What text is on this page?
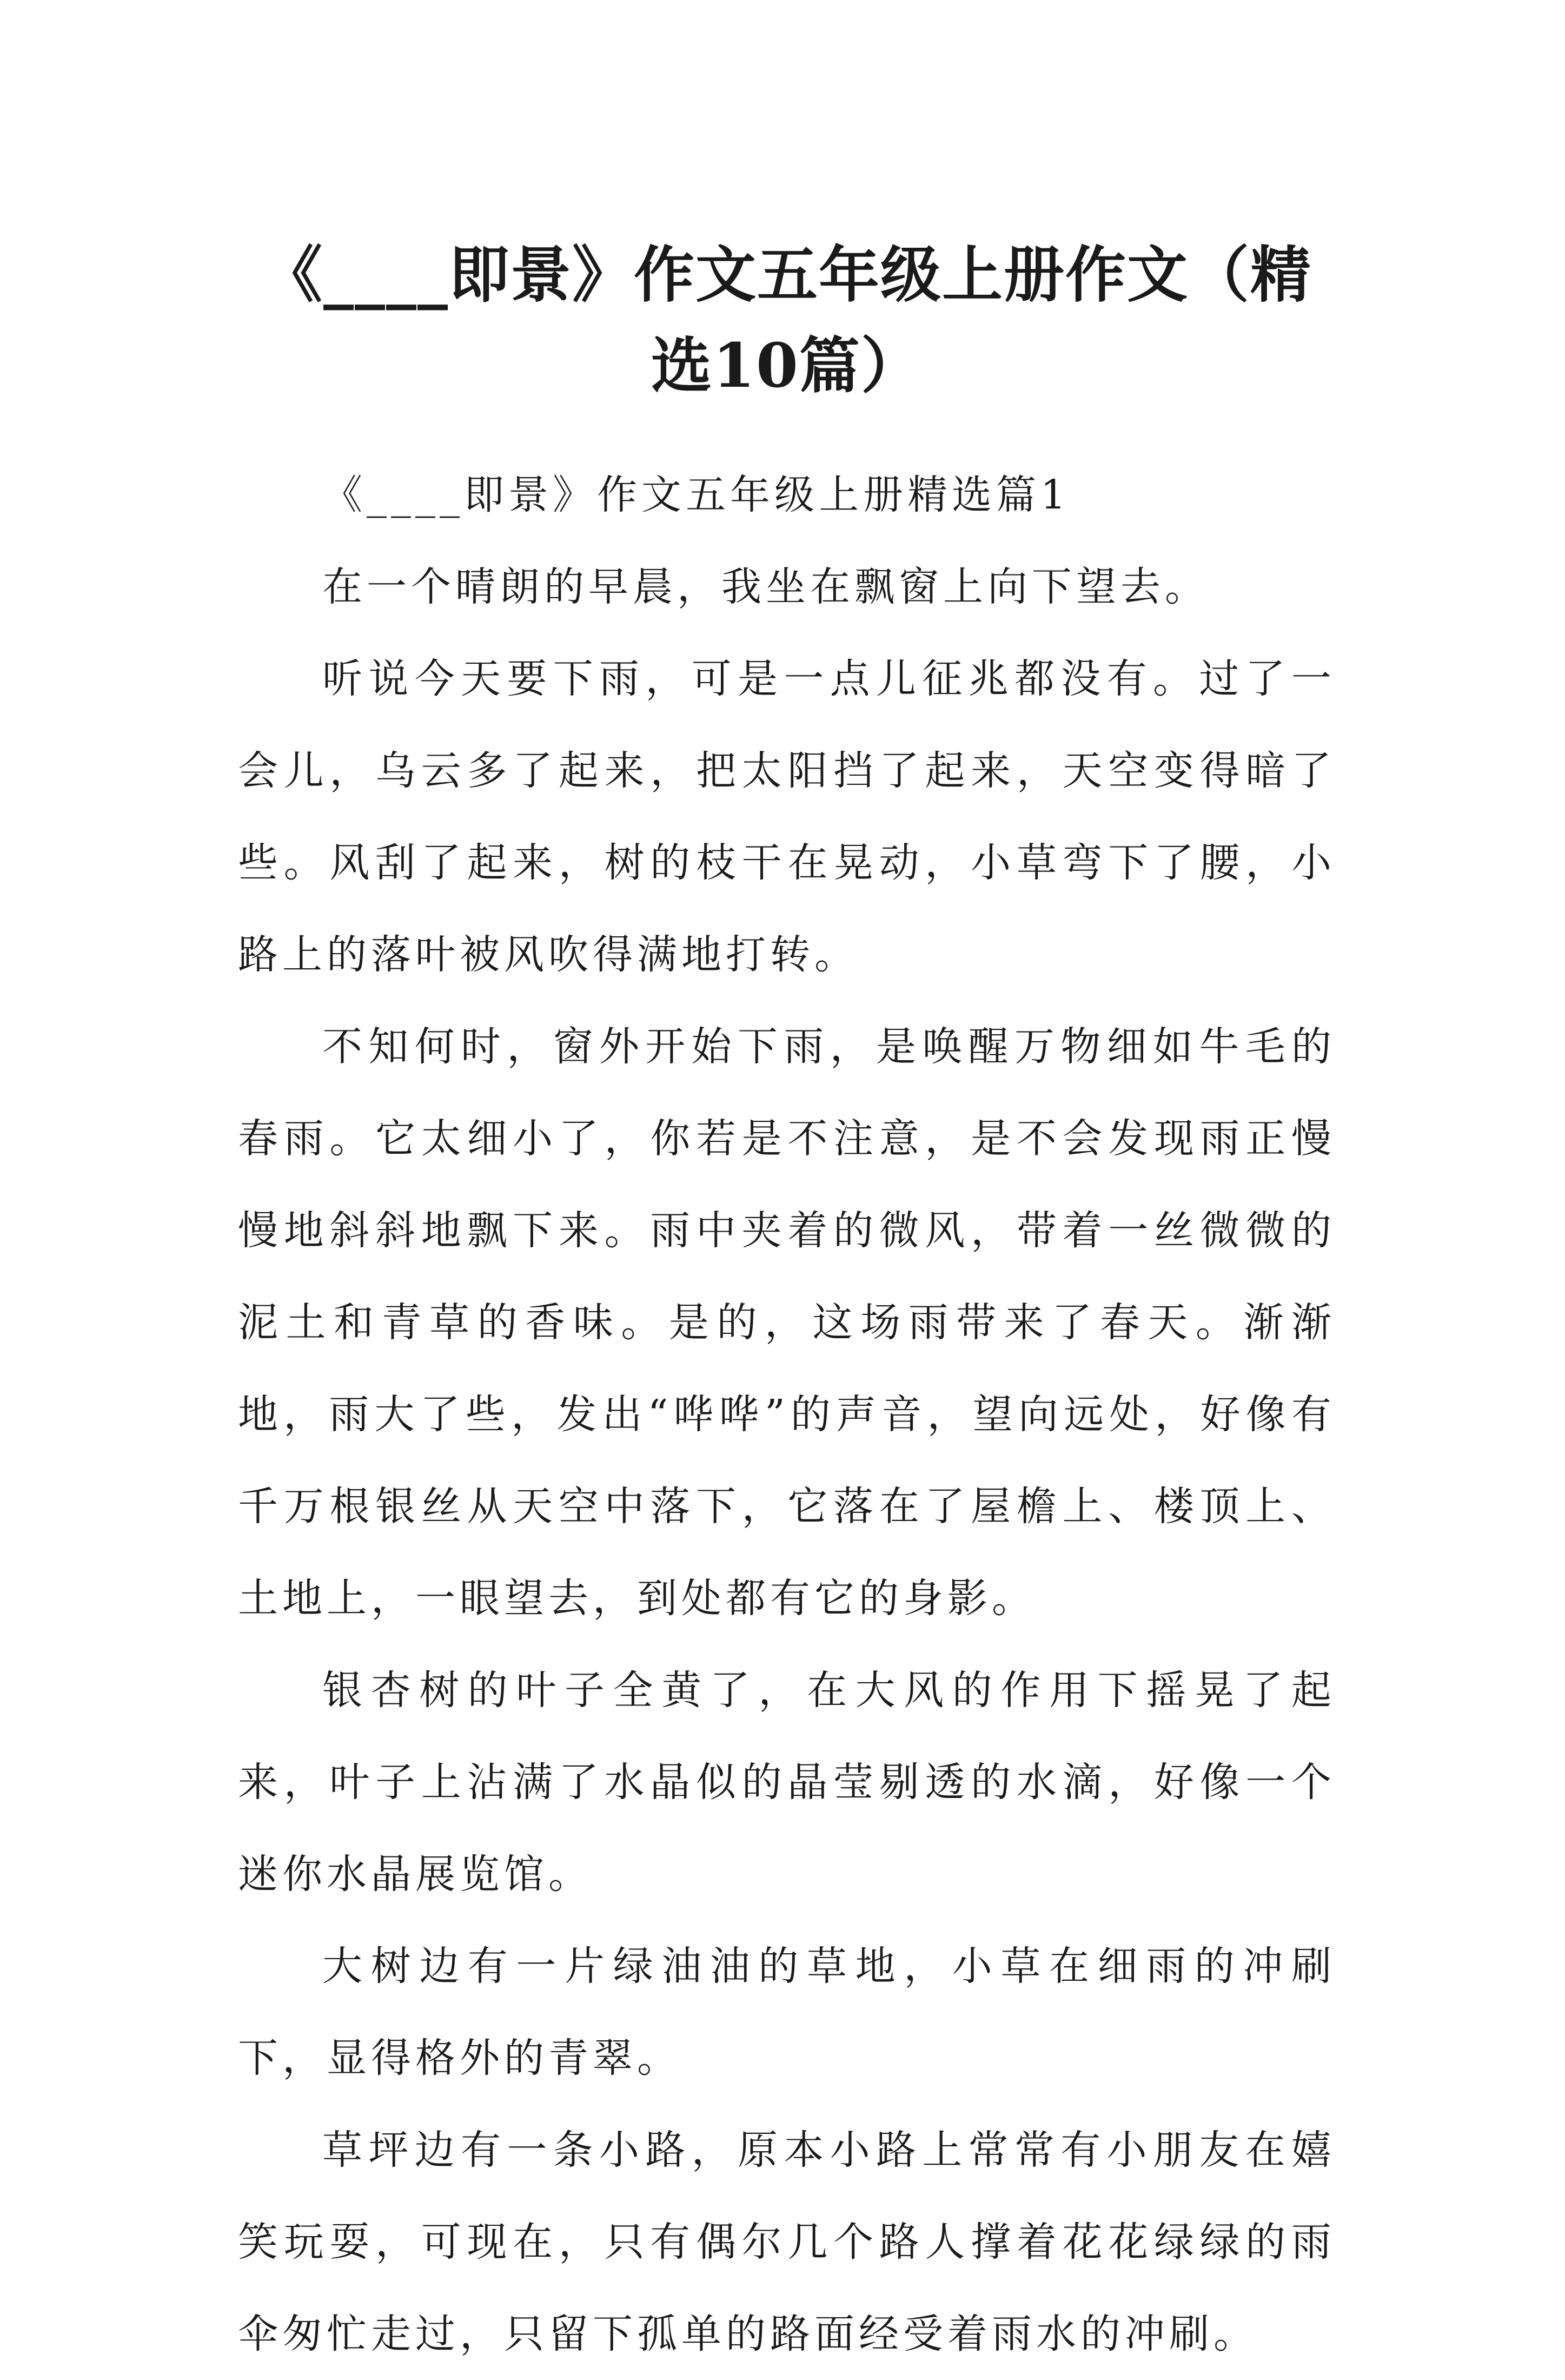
《____即景》作文五年级上册作文（精选10篇）

《____即景》作文五年级上册精选篇1

在一个晴朗的早晨，我坐在飘窗上向下望去。

听说今天要下雨，可是一点儿征兆都没有。过了一会儿，乌云多了起来，把太阳挡了起来，天空变得暗了些。风刮了起来，树的枝干在晃动，小草弯下了腰，小路上的落叶被风吹得满地打转。

不知何时，窗外开始下雨，是唤醒万物细如牛毛的春雨。它太细小了，你若是不注意，是不会发现雨正慢慢地斜斜地飘下来。雨中夹着的微风，带着一丝微微的泥土和青草的香味。是的，这场雨带来了春天。渐渐地，雨大了些，发出“哗哗”的声音，望向远处，好像有千万根银丝从天空中落下，它落在了屋檐上、楼顶上、土地上，一眼望去，到处都有它的身影。

银杏树的叶子全黄了，在大风的作用下摇晃了起来，叶子上沾满了水晶似的晶莹剔透的水滴，好像一个迷你水晶展览馆。

大树边有一片绿油油的草地，小草在细雨的冲刷下，显得格外的青翠。

草坪边有一条小路，原本小路上常常有小朋友在嬉笑玩耍，可现在，只有偶尔几个路人撑着花花绿绿的雨伞匆忙走过，只留下孤单的路面经受着雨水的冲刷。
